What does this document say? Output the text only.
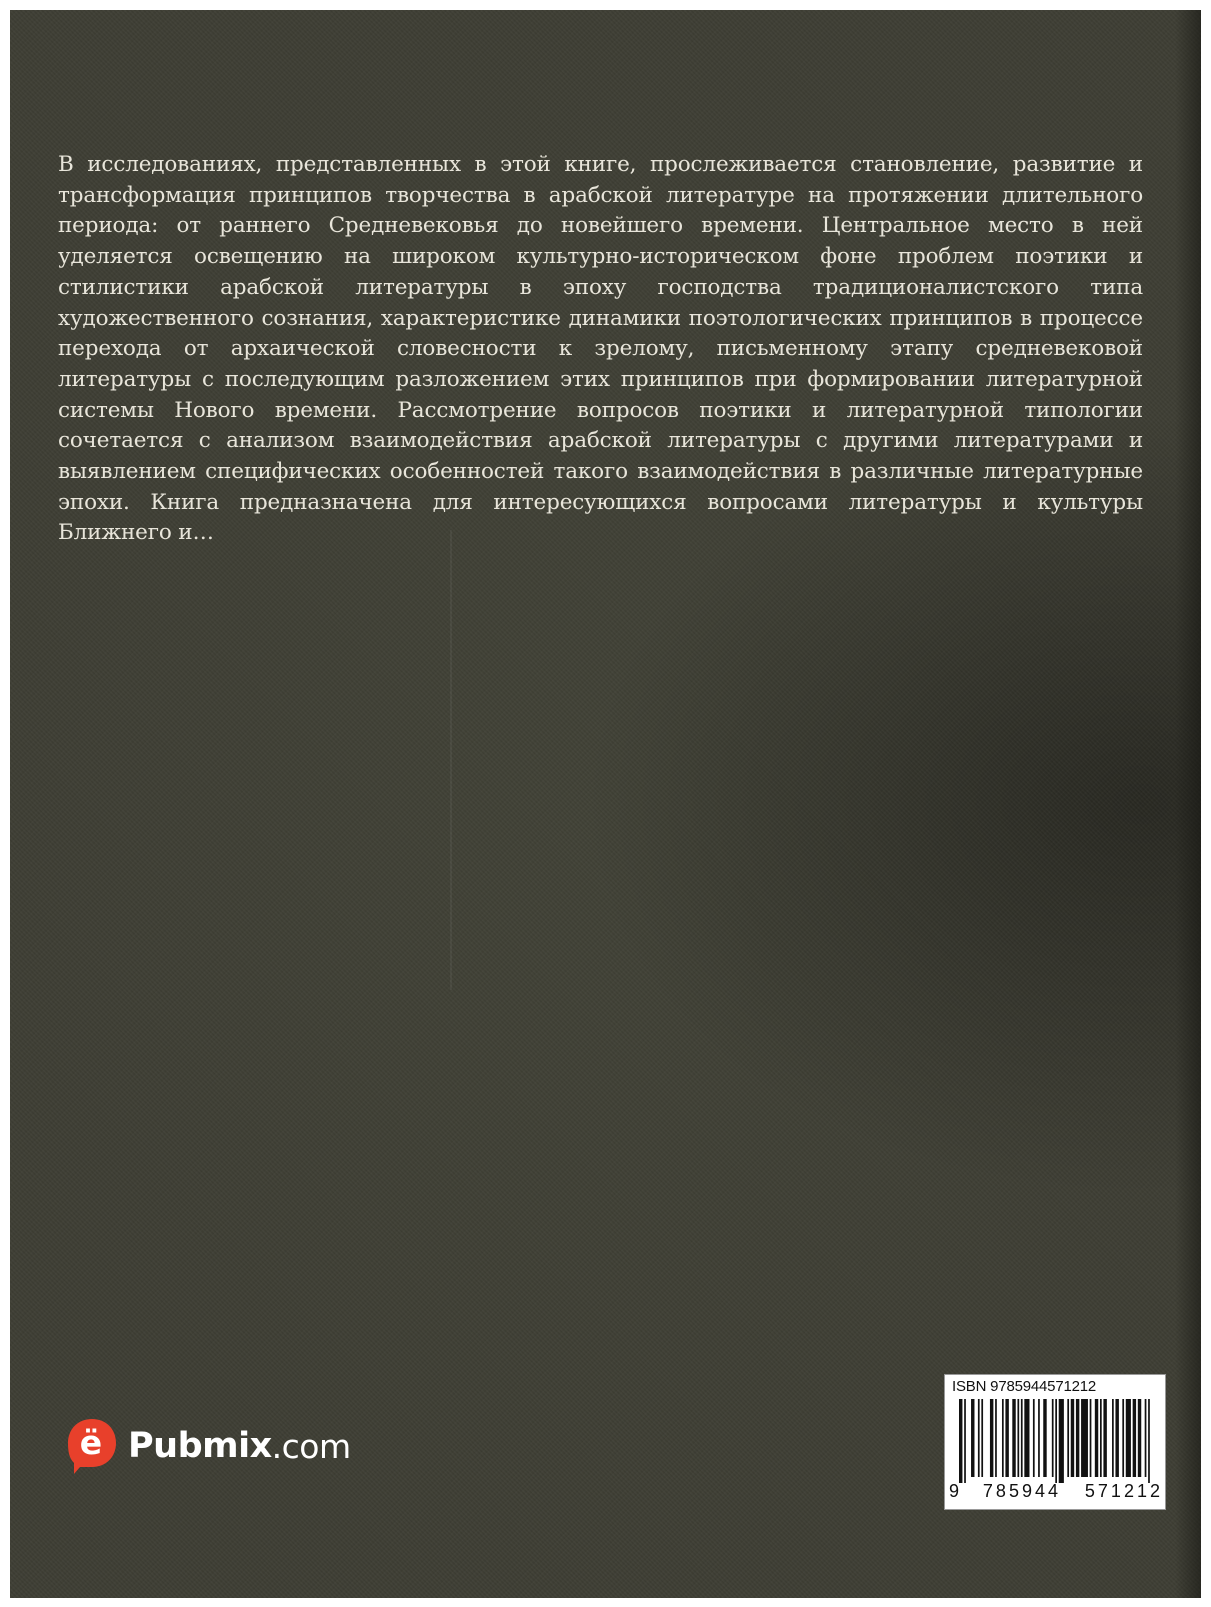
В исследованиях, представленных в этой книге, прослеживается становление, развитие и трансформация принципов творчества в арабской литературе на протяжении длительного периода: от раннего Средневековья до новейшего времени. Центральное место в ней уделяется освещению на широком культурно-историческом фоне проблем поэтики и стилистики арабской литературы в эпоху господства традиционалистского типа художественного сознания, характеристике динамики поэтологических принципов в процессе перехода от архаической словесности к зрелому, письменному этапу средневековой литературы с последующим разложением этих принципов при формировании литературной системы Нового времени. Рассмотрение вопросов поэтики и литературной типологии сочетается с анализом взаимодействия арабской литературы с другими литературами и выявлением специфических особенностей такого взаимодействия в различные литературные эпохи. Книга предназначена для интересующихся вопросами литературы и культуры Ближнего и…

ё Pubmix .com
ISBN 9785944571212
9 785944 571212
